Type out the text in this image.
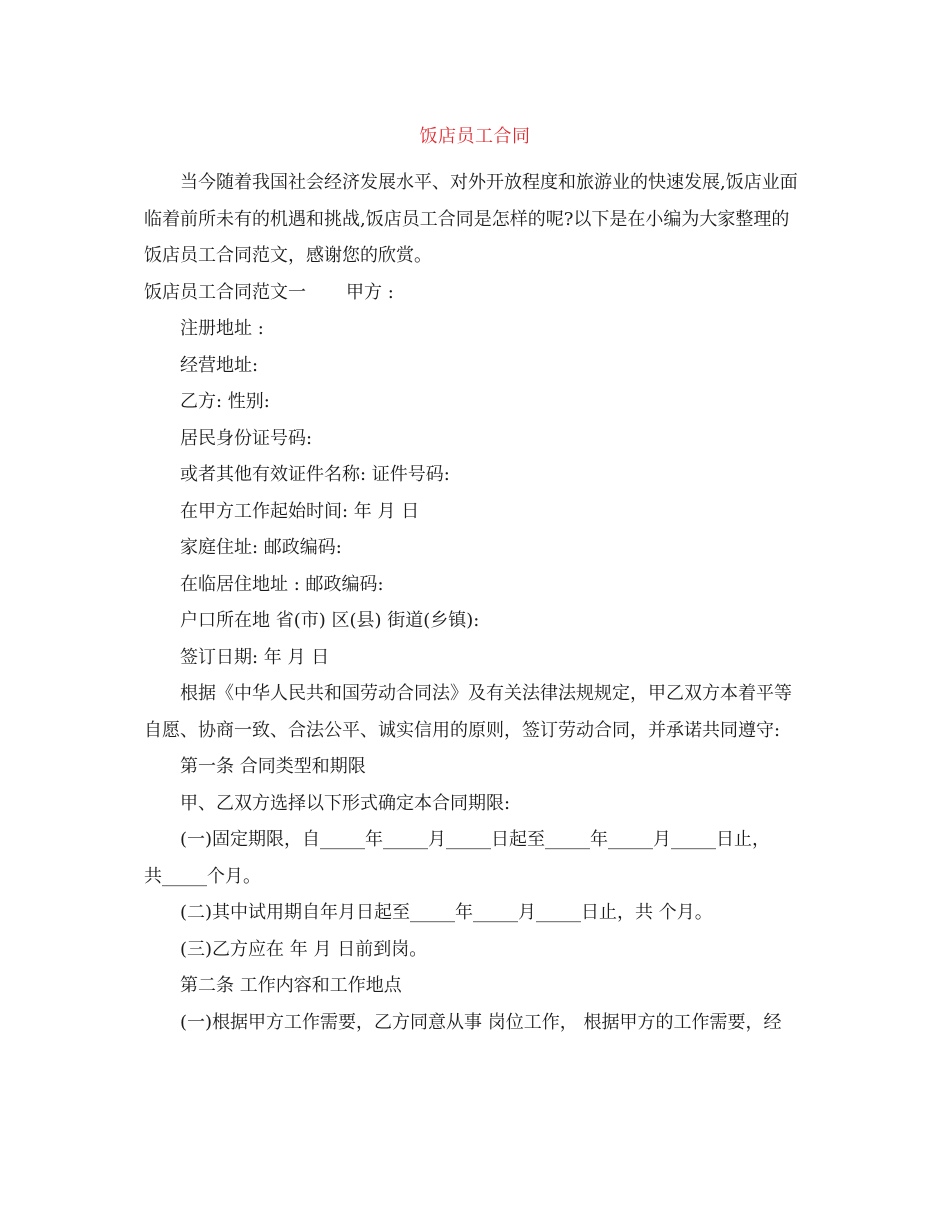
饭店员工合同

当今随着我国社会经济发展水平、对外开放程度和旅游业的快速发展,饭店业面临着前所未有的机遇和挑战,饭店员工合同是怎样的呢?以下是在小编为大家整理的饭店员工合同范文，感谢您的欣赏。

饭店员工合同范文一 甲方 :

注册地址 :

经营地址:

乙方: 性别:

居民身份证号码:

或者其他有效证件名称: 证件号码:

在甲方工作起始时间: 年 月 日

家庭住址: 邮政编码:

在临居住地址 : 邮政编码:

户口所在地 省(市) 区(县) 街道(乡镇):

签订日期: 年 月 日

根据《中华人民共和国劳动合同法》及有关法律法规规定，甲乙双方本着平等自愿、协商一致、合法公平、诚实信用的原则，签订劳动合同，并承诺共同遵守:

第一条 合同类型和期限

甲、乙双方选择以下形式确定本合同期限:

(一)固定期限，自_____年_____月_____日起至_____年_____月_____日止，

共_____个月。

(二)其中试用期自年月日起至_____年_____月_____日止，共 个月。

(三)乙方应在 年 月 日前到岗。

第二条 工作内容和工作地点

(一)根据甲方工作需要，乙方同意从事 岗位工作， 根据甲方的工作需要，经
